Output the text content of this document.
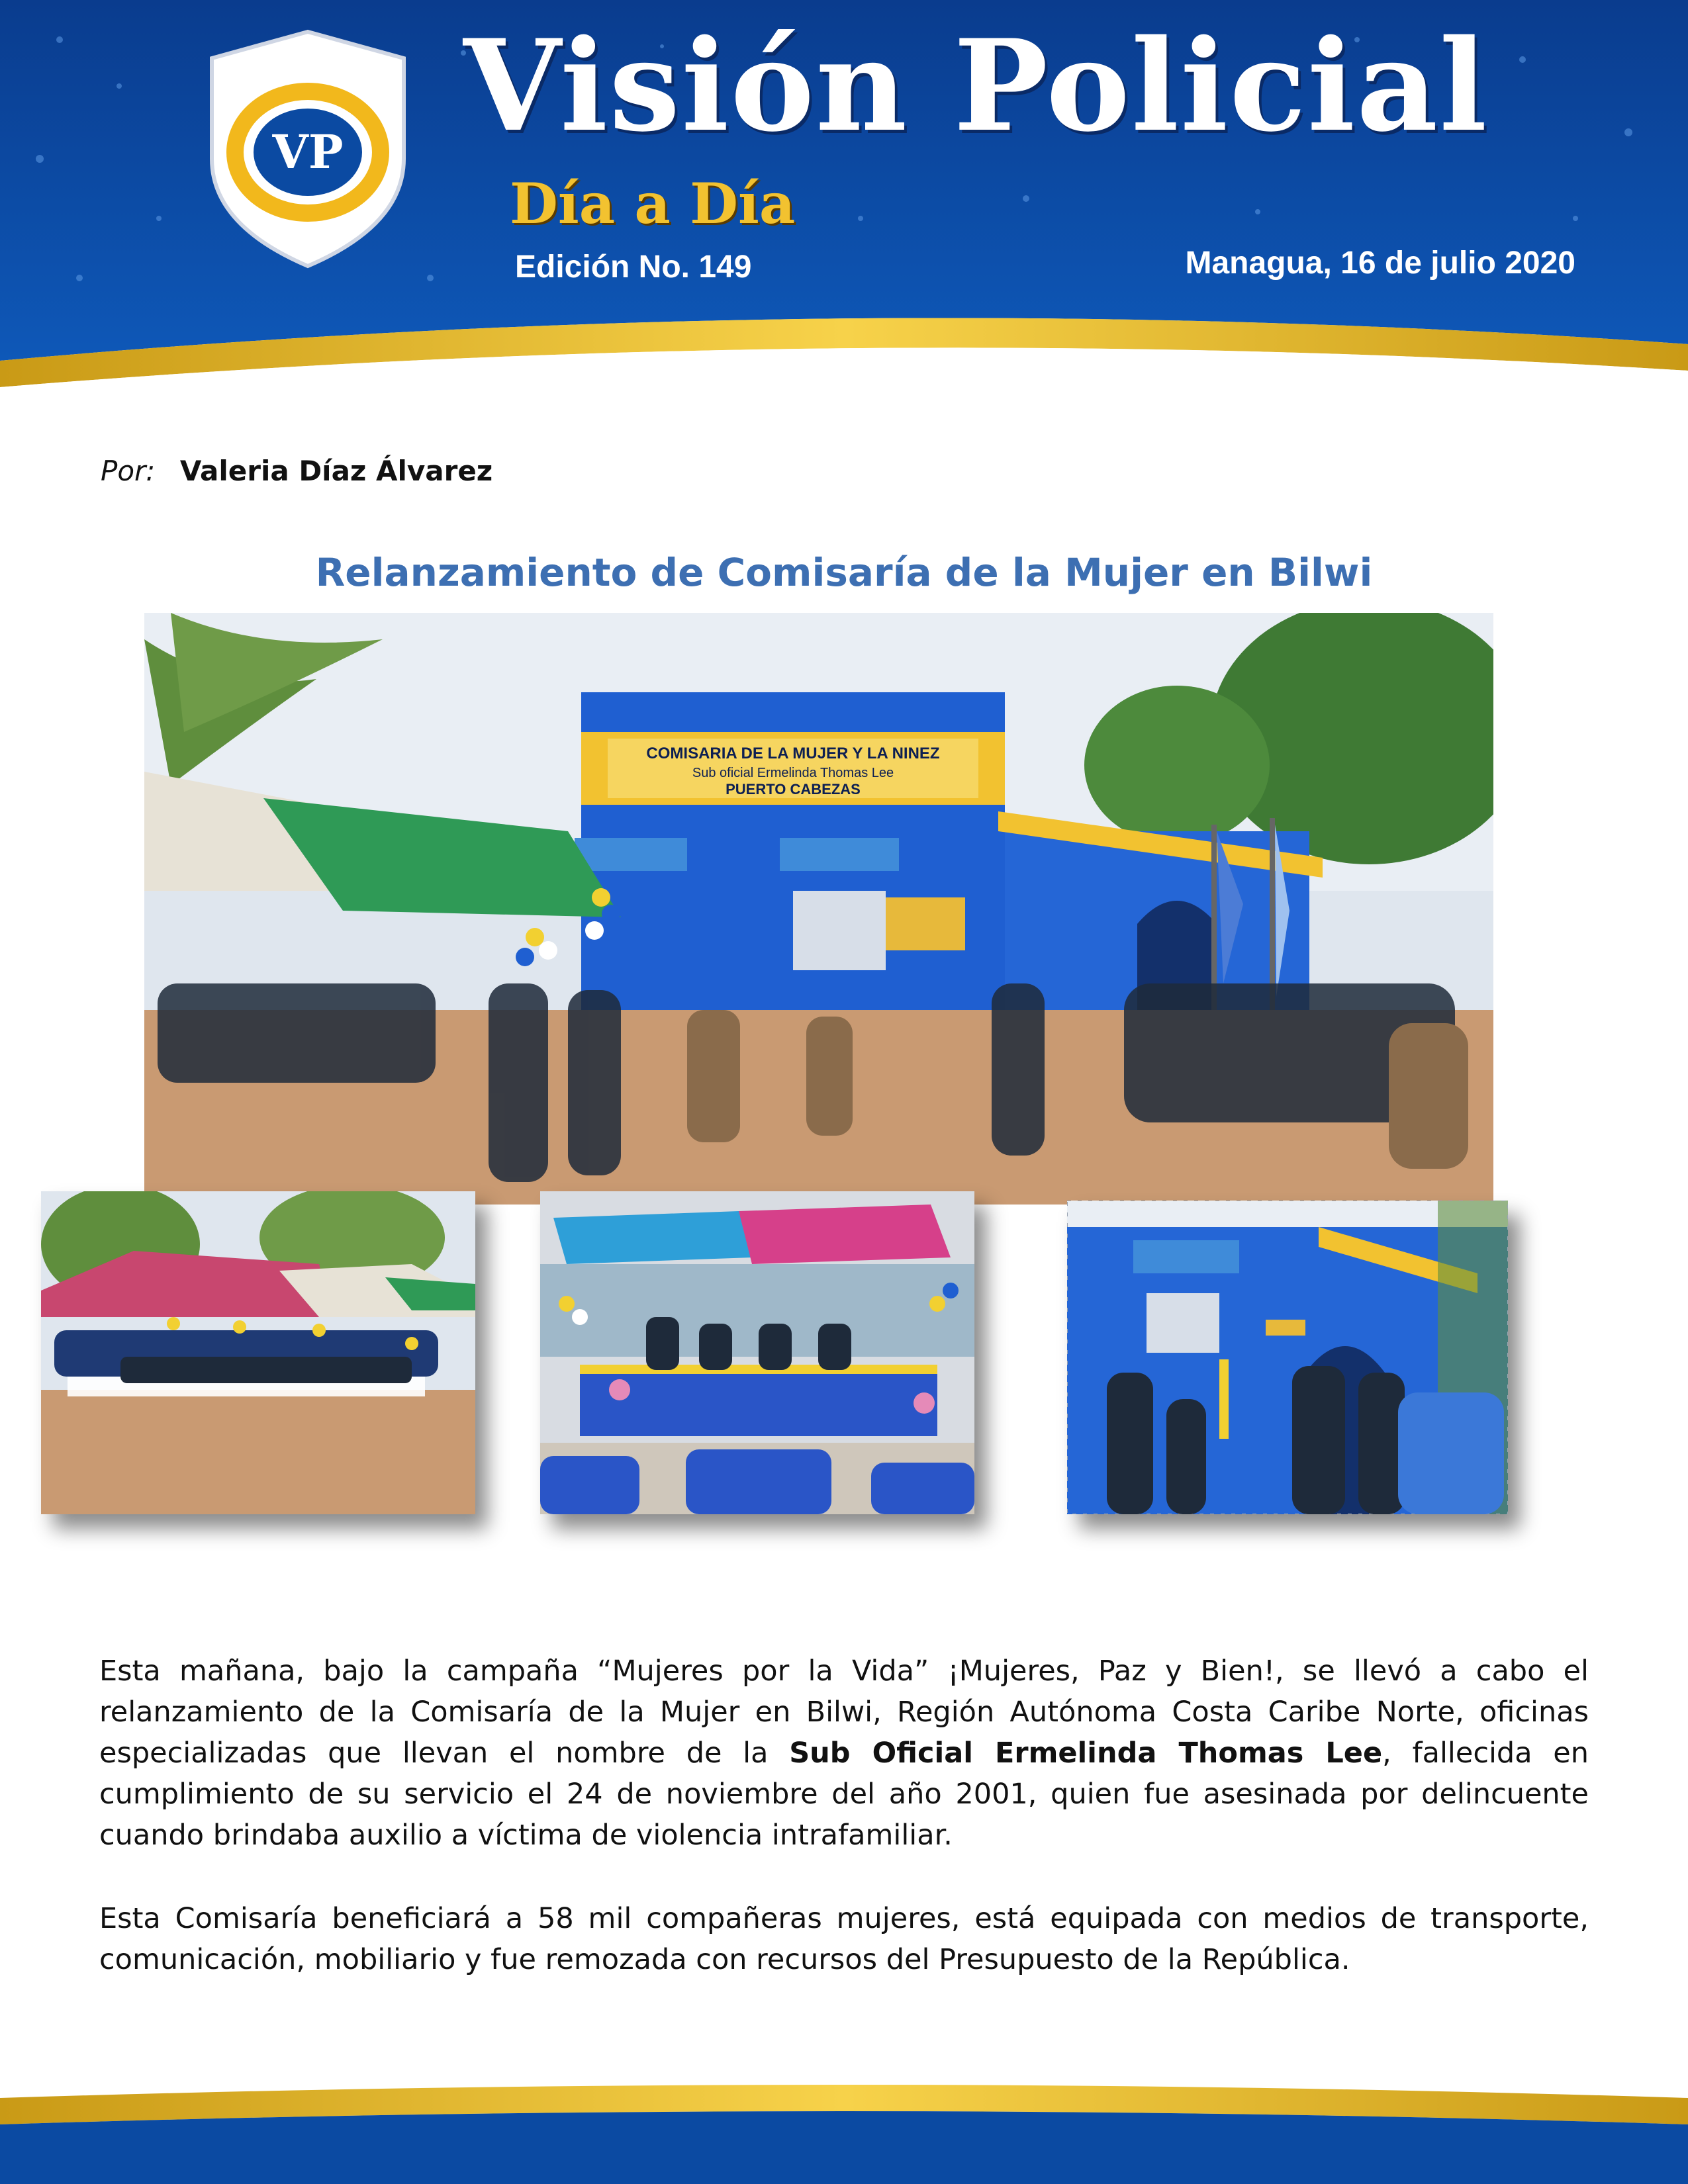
VP Visión Policial
Día a Día
Edición No. 149	Managua, 16 de julio 2020
Por: Valeria Díaz Álvarez
Relanzamiento de Comisaría de la Mujer en Bilwi
COMISARIA DE LA MUJER Y LA NINEZ
Sub oficial Ermelinda Thomas Lee
PUERTO CABEZAS

Esta mañana, bajo la campaña “Mujeres por la Vida” ¡Mujeres, Paz y Bien!, se llevó a cabo el relanzamiento de la Comisaría de la Mujer en Bilwi, Región Autónoma Costa Caribe Norte, oficinas especializadas que llevan el nombre de la Sub Oficial Ermelinda Thomas Lee, fallecida en cumplimiento de su servicio el 24 de noviembre del año 2001, quien fue asesinada por delincuente cuando brindaba auxilio a víctima de violencia intrafamiliar.

Esta Comisaría beneficiará a 58 mil compañeras mujeres, está equipada con medios de transporte, comunicación, mobiliario y fue remozada con recursos del Presupuesto de la República.
